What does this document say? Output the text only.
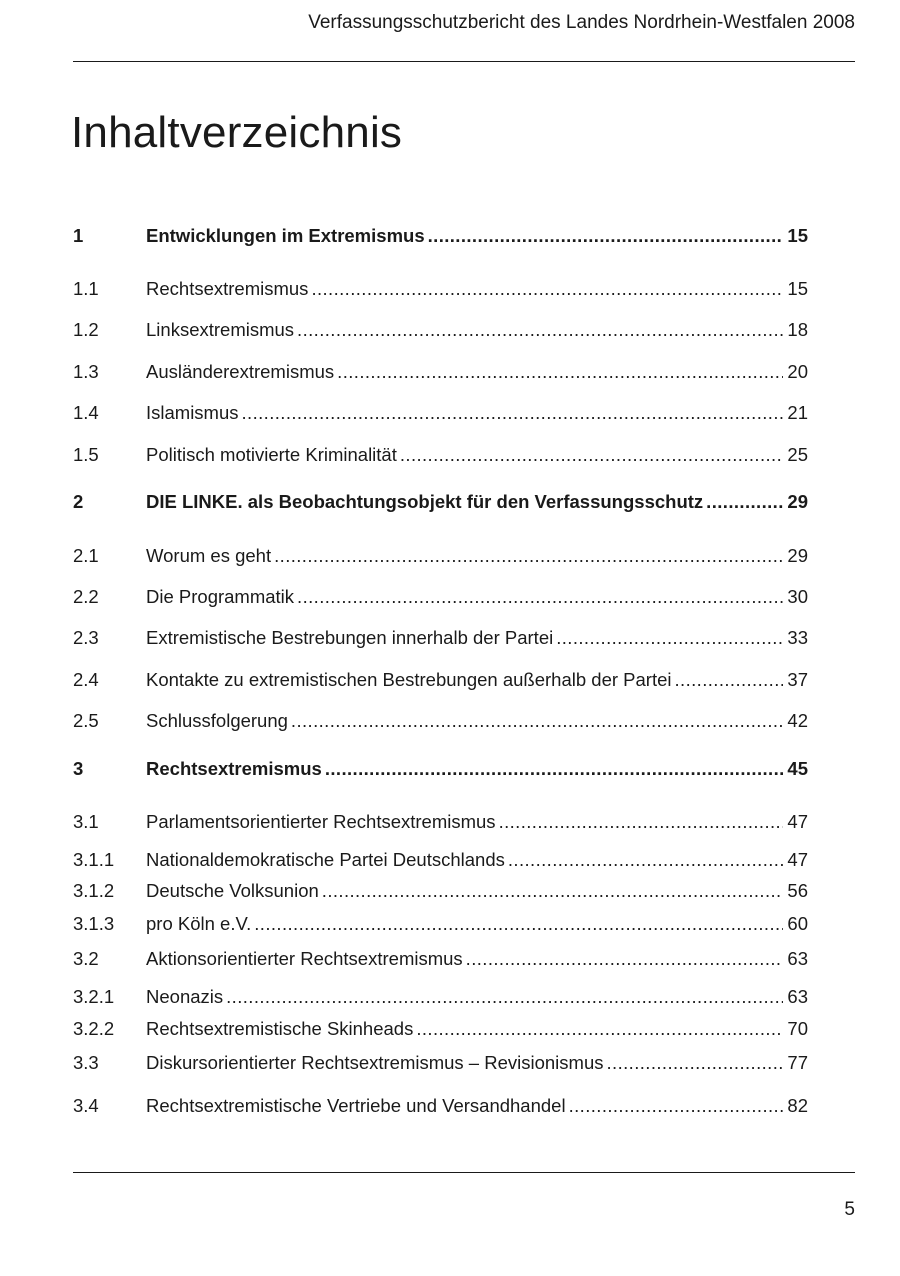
Verfassungsschutzbericht des Landes Nordrhein-Westfalen 2008
Inhaltverzeichnis
1	Entwicklungen im Extremismus .....	15
1.1	Rechtsextremismus .....	15
1.2	Linksextremismus .....	18
1.3	Ausländerextremismus .....	20
1.4	Islamismus .....	21
1.5	Politisch motivierte Kriminalität .....	25
2	DIE LINKE. als Beobachtungsobjekt für den Verfassungsschutz .....	29
2.1	Worum es geht .....	29
2.2	Die Programmatik .....	30
2.3	Extremistische Bestrebungen innerhalb der Partei .....	33
2.4	Kontakte zu extremistischen Bestrebungen außerhalb der Partei .....	37
2.5	Schlussfolgerung .....	42
3	Rechtsextremismus .....	45
3.1	Parlamentsorientierter Rechtsextremismus .....	47
3.1.1	Nationaldemokratische Partei Deutschlands .....	47
3.1.2	Deutsche Volksunion .....	56
3.1.3	pro Köln e.V. .....	60
3.2	Aktionsorientierter Rechtsextremismus .....	63
3.2.1	Neonazis .....	63
3.2.2	Rechtsextremistische Skinheads .....	70
3.3	Diskursorientierter Rechtsextremismus – Revisionismus .....	77
3.4	Rechtsextremistische Vertriebe und Versandhandel .....	82
5
